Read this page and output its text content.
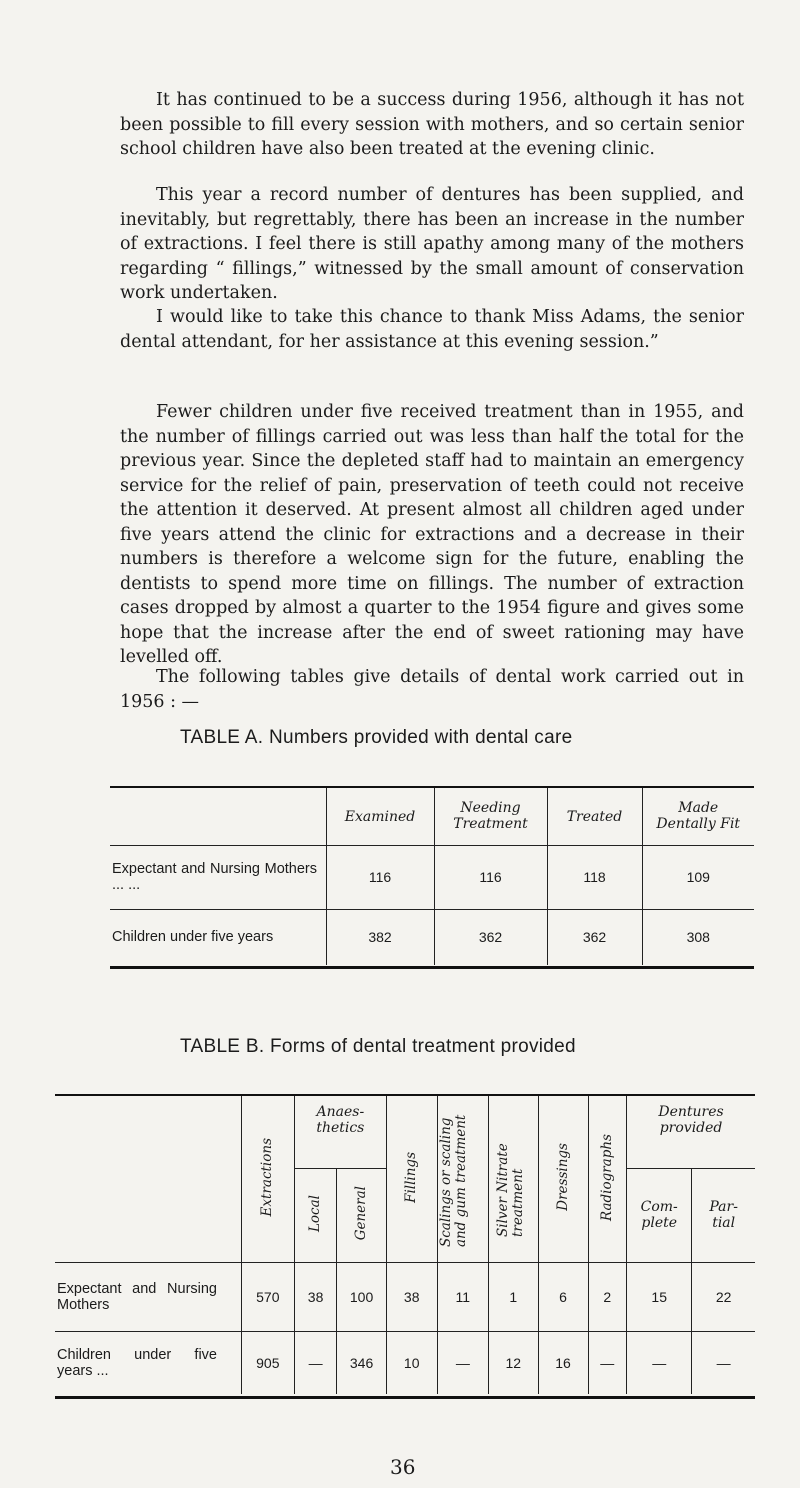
It has continued to be a success during 1956, although it has not been possible to fill every session with mothers, and so certain senior school children have also been treated at the evening clinic.

This year a record number of dentures has been supplied, and inevitably, but regrettably, there has been an increase in the number of extractions. I feel there is still apathy among many of the mothers regarding “ fillings,” witnessed by the small amount of conservation work undertaken.

I would like to take this chance to thank Miss Adams, the senior dental attendant, for her assistance at this evening session.”

Fewer children under five received treatment than in 1955, and the number of fillings carried out was less than half the total for the previous year. Since the depleted staff had to maintain an emergency service for the relief of pain, preservation of teeth could not receive the attention it deserved. At present almost all children aged under five years attend the clinic for extractions and a decrease in their numbers is therefore a welcome sign for the future, enabling the dentists to spend more time on fillings. The number of extraction cases dropped by almost a quarter to the 1954 figure and gives some hope that the increase after the end of sweet rationing may have levelled off.

The following tables give details of dental work carried out in 1956 : —

TABLE A. Numbers provided with dental care
	Examined	Needing Treatment	Treated	Made Dentally Fit

Expectant and Nursing Mothers ... ...	116	116	118	109
Children under five years	382	362	362	308
TABLE B. Forms of dental treatment provided
	Extractions	Anaes- thetics		Fillings	Scalings or scaling and gum treatment	Silver Nitrate treatment	Dressings	Radiographs	Dentures provided	

		Local	General						Com- plete	Par- tial

Expectant and Nursing Mothers	570	38	100	38	11	1	6	2	15	22

Children under five years ...	905	—	346	10	—	12	16	—	—	—
36
